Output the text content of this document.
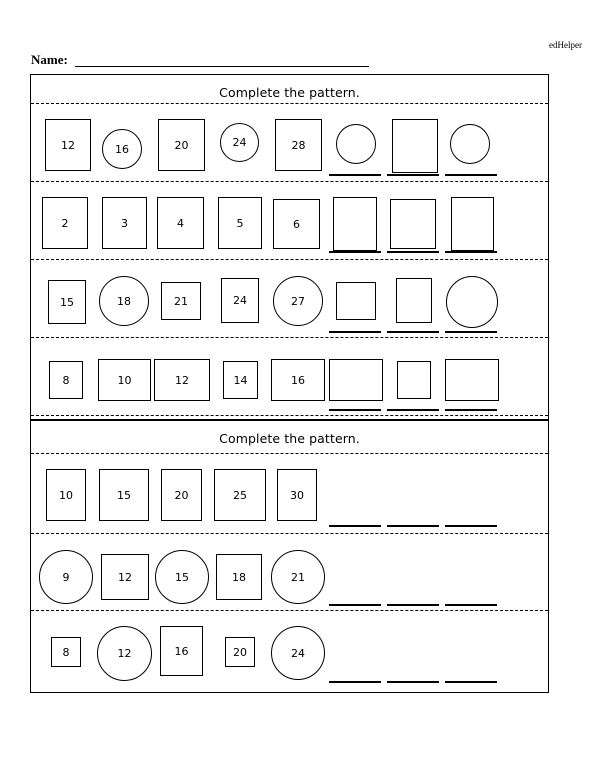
edHelper
Name:
Complete the pattern.
12	16	20	24	28
2	3	4	5	6
15	18	21	24	27
8	10	12	14	16
Complete the pattern.
10	15	20	25	30
9	12	15	18	21
8	12	16	20	24
